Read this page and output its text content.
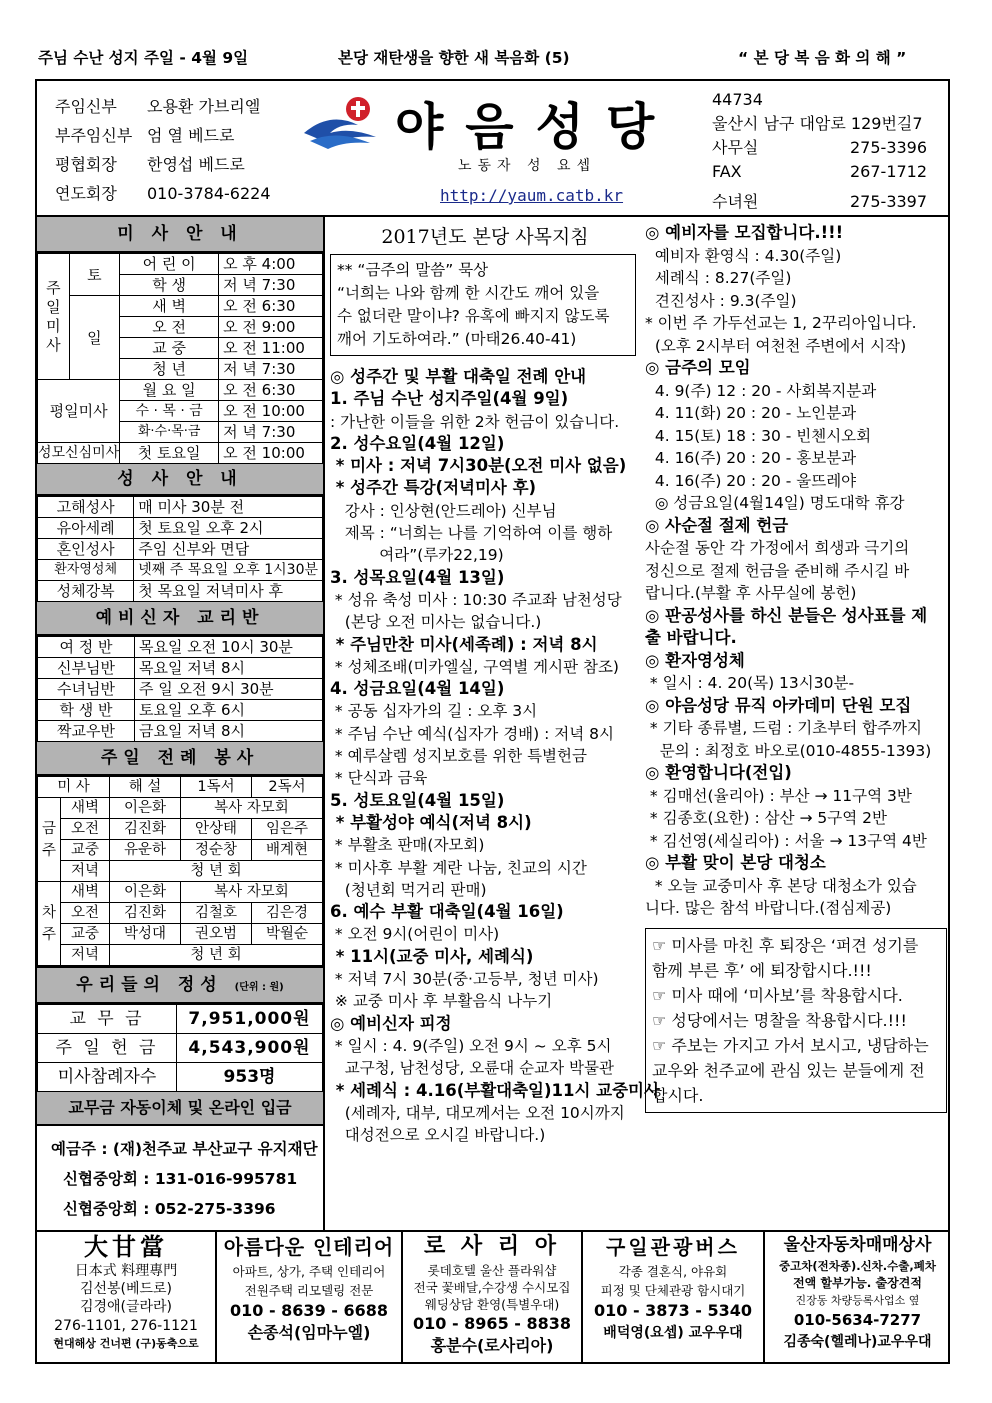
주님 수난 성지 주일 - 4월 9일	본당 재탄생을 향한 새 복음화 (5)	“ 본 당 복 음 화 의 해 ”
주임신부 오용환 가브리엘
부주임신부 엄 열 베드로
평협회장 한영섭 베드로
연도회장 010-3784-6224
야음성당
노동자 성 요셉
http://yaum.catb.kr
44734
울산시 남구 대암로 129번길7
사무실	275-3396
FAX	267-1712
수녀원	275-3397
미 사 안 내
주
일
미
사	토	어 린 이	오 후 4:00
		학 생	저 녁 7:30
	일	새 벽	오 전 6:30
		오 전	오 전 9:00
		교 중	오 전 11:00
		청 년	저 녁 7:30
평일미사		월 요 일	오 전 6:30
		수 · 목 · 금	오 전 10:00
		화·수·목·금	저 녁 7:30
성모신심미사		첫 토요일	오 전 10:00
성 사 안 내
고해성사	매 미사 30분 전
유아세례	첫 토요일 오후 2시
혼인성사	주임 신부와 면담
환자영성체	넷째 주 목요일 오후 1시30분
성체강복	첫 목요일 저녁미사 후
예비신자 교리반
여 정 반	목요일 오전 10시 30분
신부님반	목요일 저녁 8시
수녀님반	주 일 오전 9시 30분
학 생 반	토요일 오후 6시
짝교우반	금요일 저녁 8시
주일 전례 봉사
미 사		해 설	1독서	2독서
금주	새벽	이은화	복사 자모회	
	오전	김진화	안상태	임은주
	교중	유운하	정순창	배계현
	저녁	청 년 회		
차주	새벽	이은화	복사 자모회	
	오전	김진화	김철호	김은경
	교중	박성대	권오범	박월순
	저녁	청 년 회		
우리들의 정성 (단위 : 원)
교 무 금	7,951,000원
주 일 헌 금	4,543,900원
미사참례자수	953명
교무금 자동이체 및 온라인 입금
예금주 : (재)천주교 부산교구 유지재단
신협중앙회 : 131-016-995781
신협중앙회 : 052-275-3396
2017년도 본당 사목지침
** “금주의 말씀” 묵상
“너희는 나와 함께 한 시간도 깨어 있을
수 없더란 말이냐? 유혹에 빠지지 않도록
깨어 기도하여라.” (마태26.40-41)
◎ 성주간 및 부활 대축일 전례 안내
1. 주님 수난 성지주일(4월 9일)
: 가난한 이들을 위한 2차 헌금이 있습니다.
2. 성수요일(4월 12일)
* 미사 : 저녁 7시30분(오전 미사 없음)
* 성주간 특강(저녁미사 후)
강사 : 인상현(안드레아) 신부님
제목 : “너희는 나를 기억하여 이를 행하
여라”(루카22,19)
3. 성목요일(4월 13일)
* 성유 축성 미사 : 10:30 주교좌 남천성당
(본당 오전 미사는 없습니다.)
* 주님만찬 미사(세족례) : 저녁 8시
* 성체조배(미카엘실, 구역별 게시판 참조)
4. 성금요일(4월 14일)
* 공동 십자가의 길 : 오후 3시
* 주님 수난 예식(십자가 경배) : 저녁 8시
* 예루살렘 성지보호를 위한 특별헌금
* 단식과 금육
5. 성토요일(4월 15일)
* 부활성야 예식(저녁 8시)
* 부활초 판매(자모회)
* 미사후 부활 계란 나눔, 친교의 시간
(청년회 먹거리 판매)
6. 예수 부활 대축일(4월 16일)
* 오전 9시(어린이 미사)
* 11시(교중 미사, 세례식)
* 저녁 7시 30분(중·고등부, 청년 미사)
※ 교중 미사 후 부활음식 나누기
◎ 예비신자 피정
* 일시 : 4. 9(주일) 오전 9시 ~ 오후 5시
교구청, 남천성당, 오륜대 순교자 박물관
* 세례식 : 4.16(부활대축일)11시 교중미사
(세례자, 대부, 대모께서는 오전 10시까지
대성전으로 오시길 바랍니다.)
◎ 예비자를 모집합니다.!!!
예비자 환영식 : 4.30(주일)
세례식 : 8.27(주일)
견진성사 : 9.3(주일)
* 이번 주 가두선교는 1, 2꾸리아입니다.
(오후 2시부터 여천천 주변에서 시작)
◎ 금주의 모임
4. 9(주) 12 : 20 - 사회복지분과
4. 11(화) 20 : 20 - 노인분과
4. 15(토) 18 : 30 - 빈첸시오회
4. 16(주) 20 : 20 - 홍보분과
4. 16(주) 20 : 20 - 울뜨레야
◎ 성금요일(4월14일) 명도대학 휴강
◎ 사순절 절제 헌금
사순절 동안 각 가정에서 희생과 극기의
정신으로 절제 헌금을 준비해 주시길 바
랍니다.(부활 후 사무실에 봉헌)
◎ 판공성사를 하신 분들은 성사표를 제
출 바랍니다.
◎ 환자영성체
* 일시 : 4. 20(목) 13시30분-
◎ 야음성당 뮤직 아카데미 단원 모집
* 기타 종류별, 드럼 : 기초부터 합주까지
문의 : 최정호 바오로(010-4855-1393)
◎ 환영합니다(전입)
* 김매선(율리아) : 부산 → 11구역 3반
* 김종호(요한) : 삼산 → 5구역 2반
* 김선영(세실리아) : 서울 → 13구역 4반
◎ 부활 맞이 본당 대청소
* 오늘 교중미사 후 본당 대청소가 있습
니다. 많은 참석 바랍니다.(점심제공)
☞ 미사를 마친 후 퇴장은 ‘퍼견 성기를
함께 부른 후’ 에 퇴장합시다.!!!
☞ 미사 때에 ‘미사보’를 착용합시다.
☞ 성당에서는 명찰을 착용합시다.!!!
☞ 주보는 가지고 가서 보시고, 냉담하는
교우와 천주교에 관심 있는 분들에게 전
합시다.
大甘當
日本式 料理專門
김선봉(베드로)
김경애(글라라)
276-1101, 276-1121
현대해상 건너편 (구)동축으로
아름다운 인테리어
아파트, 상가, 주택 인테리어
전원주택 리모델링 전문
010 - 8639 - 6688
손종석(임마누엘)
로 사 리 아
롯데호텔 울산 플라워샵
전국 꽃배달,수강생 수시모집
웨딩상담 환영(특별우대)
010 - 8965 - 8838
홍분수(로사리아)
구일관광버스
각종 결혼식, 야유회
피정 및 단체관광 함시대기
010 - 3873 - 5340
배덕영(요셉) 교우우대
울산자동차매매상사
중고차(전차종).신차.수출,폐차
전액 할부가능. 출장견적
진장동 차량등록사업소 옆
010-5634-7277
김종숙(헬레나)교우우대
